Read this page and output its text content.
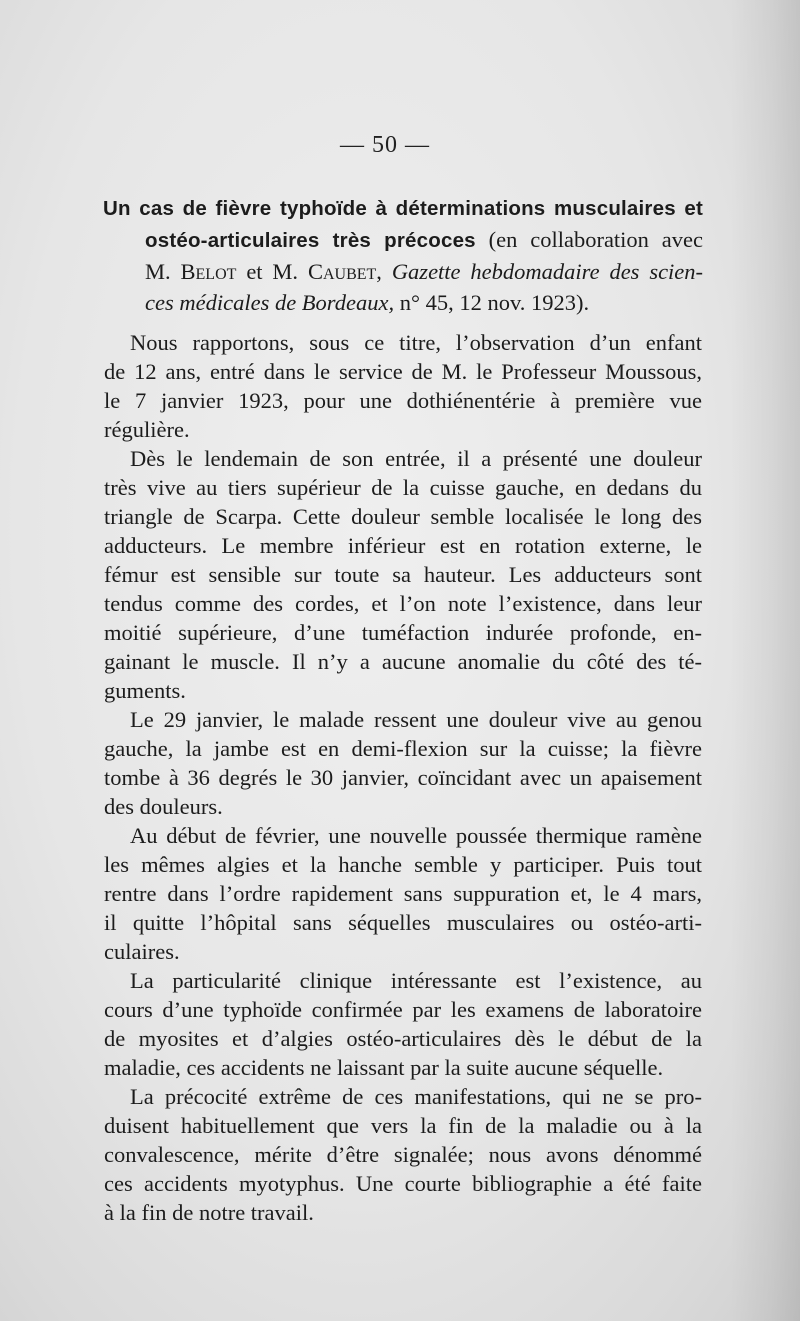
— 50 —
Un cas de fièvre typhoïde à déterminations musculaires et
ostéo-articulaires très précoces (en collaboration avec
M. Belot et M. Caubet, Gazette hebdomadaire des scien-
ces médicales de Bordeaux, n° 45, 12 nov. 1923).
Nous rapportons, sous ce titre, l’observation d’un enfant
de 12 ans, entré dans le service de M. le Professeur Moussous,
le 7 janvier 1923, pour une dothiénentérie à première vue
régulière.
Dès le lendemain de son entrée, il a présenté une douleur
très vive au tiers supérieur de la cuisse gauche, en dedans du
triangle de Scarpa. Cette douleur semble localisée le long des
adducteurs. Le membre inférieur est en rotation externe, le
fémur est sensible sur toute sa hauteur. Les adducteurs sont
tendus comme des cordes, et l’on note l’existence, dans leur
moitié supérieure, d’une tuméfaction indurée profonde, en-
gainant le muscle. Il n’y a aucune anomalie du côté des té-
guments.
Le 29 janvier, le malade ressent une douleur vive au genou
gauche, la jambe est en demi-flexion sur la cuisse; la fièvre
tombe à 36 degrés le 30 janvier, coïncidant avec un apaisement
des douleurs.
Au début de février, une nouvelle poussée thermique ramène
les mêmes algies et la hanche semble y participer. Puis tout
rentre dans l’ordre rapidement sans suppuration et, le 4 mars,
il quitte l’hôpital sans séquelles musculaires ou ostéo-arti-
culaires.
La particularité clinique intéressante est l’existence, au
cours d’une typhoïde confirmée par les examens de laboratoire
de myosites et d’algies ostéo-articulaires dès le début de la
maladie, ces accidents ne laissant par la suite aucune séquelle.
La précocité extrême de ces manifestations, qui ne se pro-
duisent habituellement que vers la fin de la maladie ou à la
convalescence, mérite d’être signalée; nous avons dénommé
ces accidents myotyphus. Une courte bibliographie a été faite
à la fin de notre travail.
